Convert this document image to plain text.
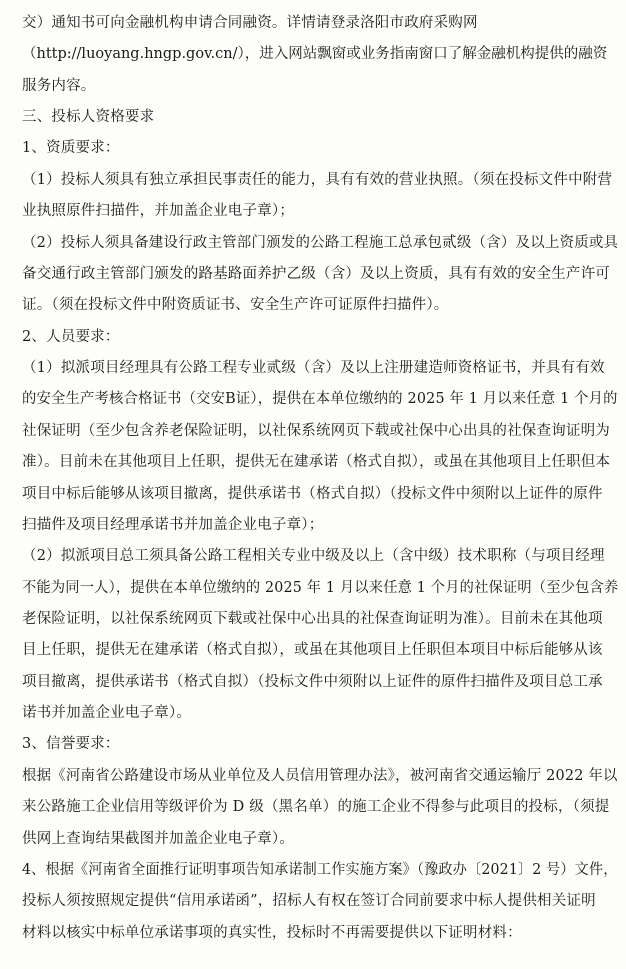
交）通知书可向金融机构申请合同融资。详情请登录洛阳市政府采购网
（http://luoyang.hngp.gov.cn/），进入网站飘窗或业务指南窗口了解金融机构提供的融资
服务内容。
三、投标人资格要求
1、资质要求：
（1）投标人须具有独立承担民事责任的能力，具有有效的营业执照。（须在投标文件中附营
业执照原件扫描件，并加盖企业电子章）；
（2）投标人须具备建设行政主管部门颁发的公路工程施工总承包贰级（含）及以上资质或具
备交通行政主管部门颁发的路基路面养护乙级（含）及以上资质，具有有效的安全生产许可
证。（须在投标文件中附资质证书、安全生产许可证原件扫描件）。
2、人员要求：
（1）拟派项目经理具有公路工程专业贰级（含）及以上注册建造师资格证书，并具有有效
的安全生产考核合格证书（交安B证），提供在本单位缴纳的 2025 年 1 月以来任意 1 个月的
社保证明（至少包含养老保险证明，以社保系统网页下载或社保中心出具的社保查询证明为
准）。目前未在其他项目上任职，提供无在建承诺（格式自拟），或虽在其他项目上任职但本
项目中标后能够从该项目撤离，提供承诺书（格式自拟）（投标文件中须附以上证件的原件
扫描件及项目经理承诺书并加盖企业电子章）；
（2）拟派项目总工须具备公路工程相关专业中级及以上（含中级）技术职称（与项目经理
不能为同一人），提供在本单位缴纳的 2025 年 1 月以来任意 1 个月的社保证明（至少包含养
老保险证明，以社保系统网页下载或社保中心出具的社保查询证明为准）。目前未在其他项
目上任职，提供无在建承诺（格式自拟），或虽在其他项目上任职但本项目中标后能够从该
项目撤离，提供承诺书（格式自拟）（投标文件中须附以上证件的原件扫描件及项目总工承
诺书并加盖企业电子章）。
3、信誉要求：
根据《河南省公路建设市场从业单位及人员信用管理办法》，被河南省交通运输厅 2022 年以
来公路施工企业信用等级评价为 D 级（黑名单）的施工企业不得参与此项目的投标，（须提
供网上查询结果截图并加盖企业电子章）。
4、根据《河南省全面推行证明事项告知承诺制工作实施方案》（豫政办〔2021〕2 号）文件，
投标人须按照规定提供“信用承诺函”，招标人有权在签订合同前要求中标人提供相关证明
材料以核实中标单位承诺事项的真实性，投标时不再需要提供以下证明材料：
